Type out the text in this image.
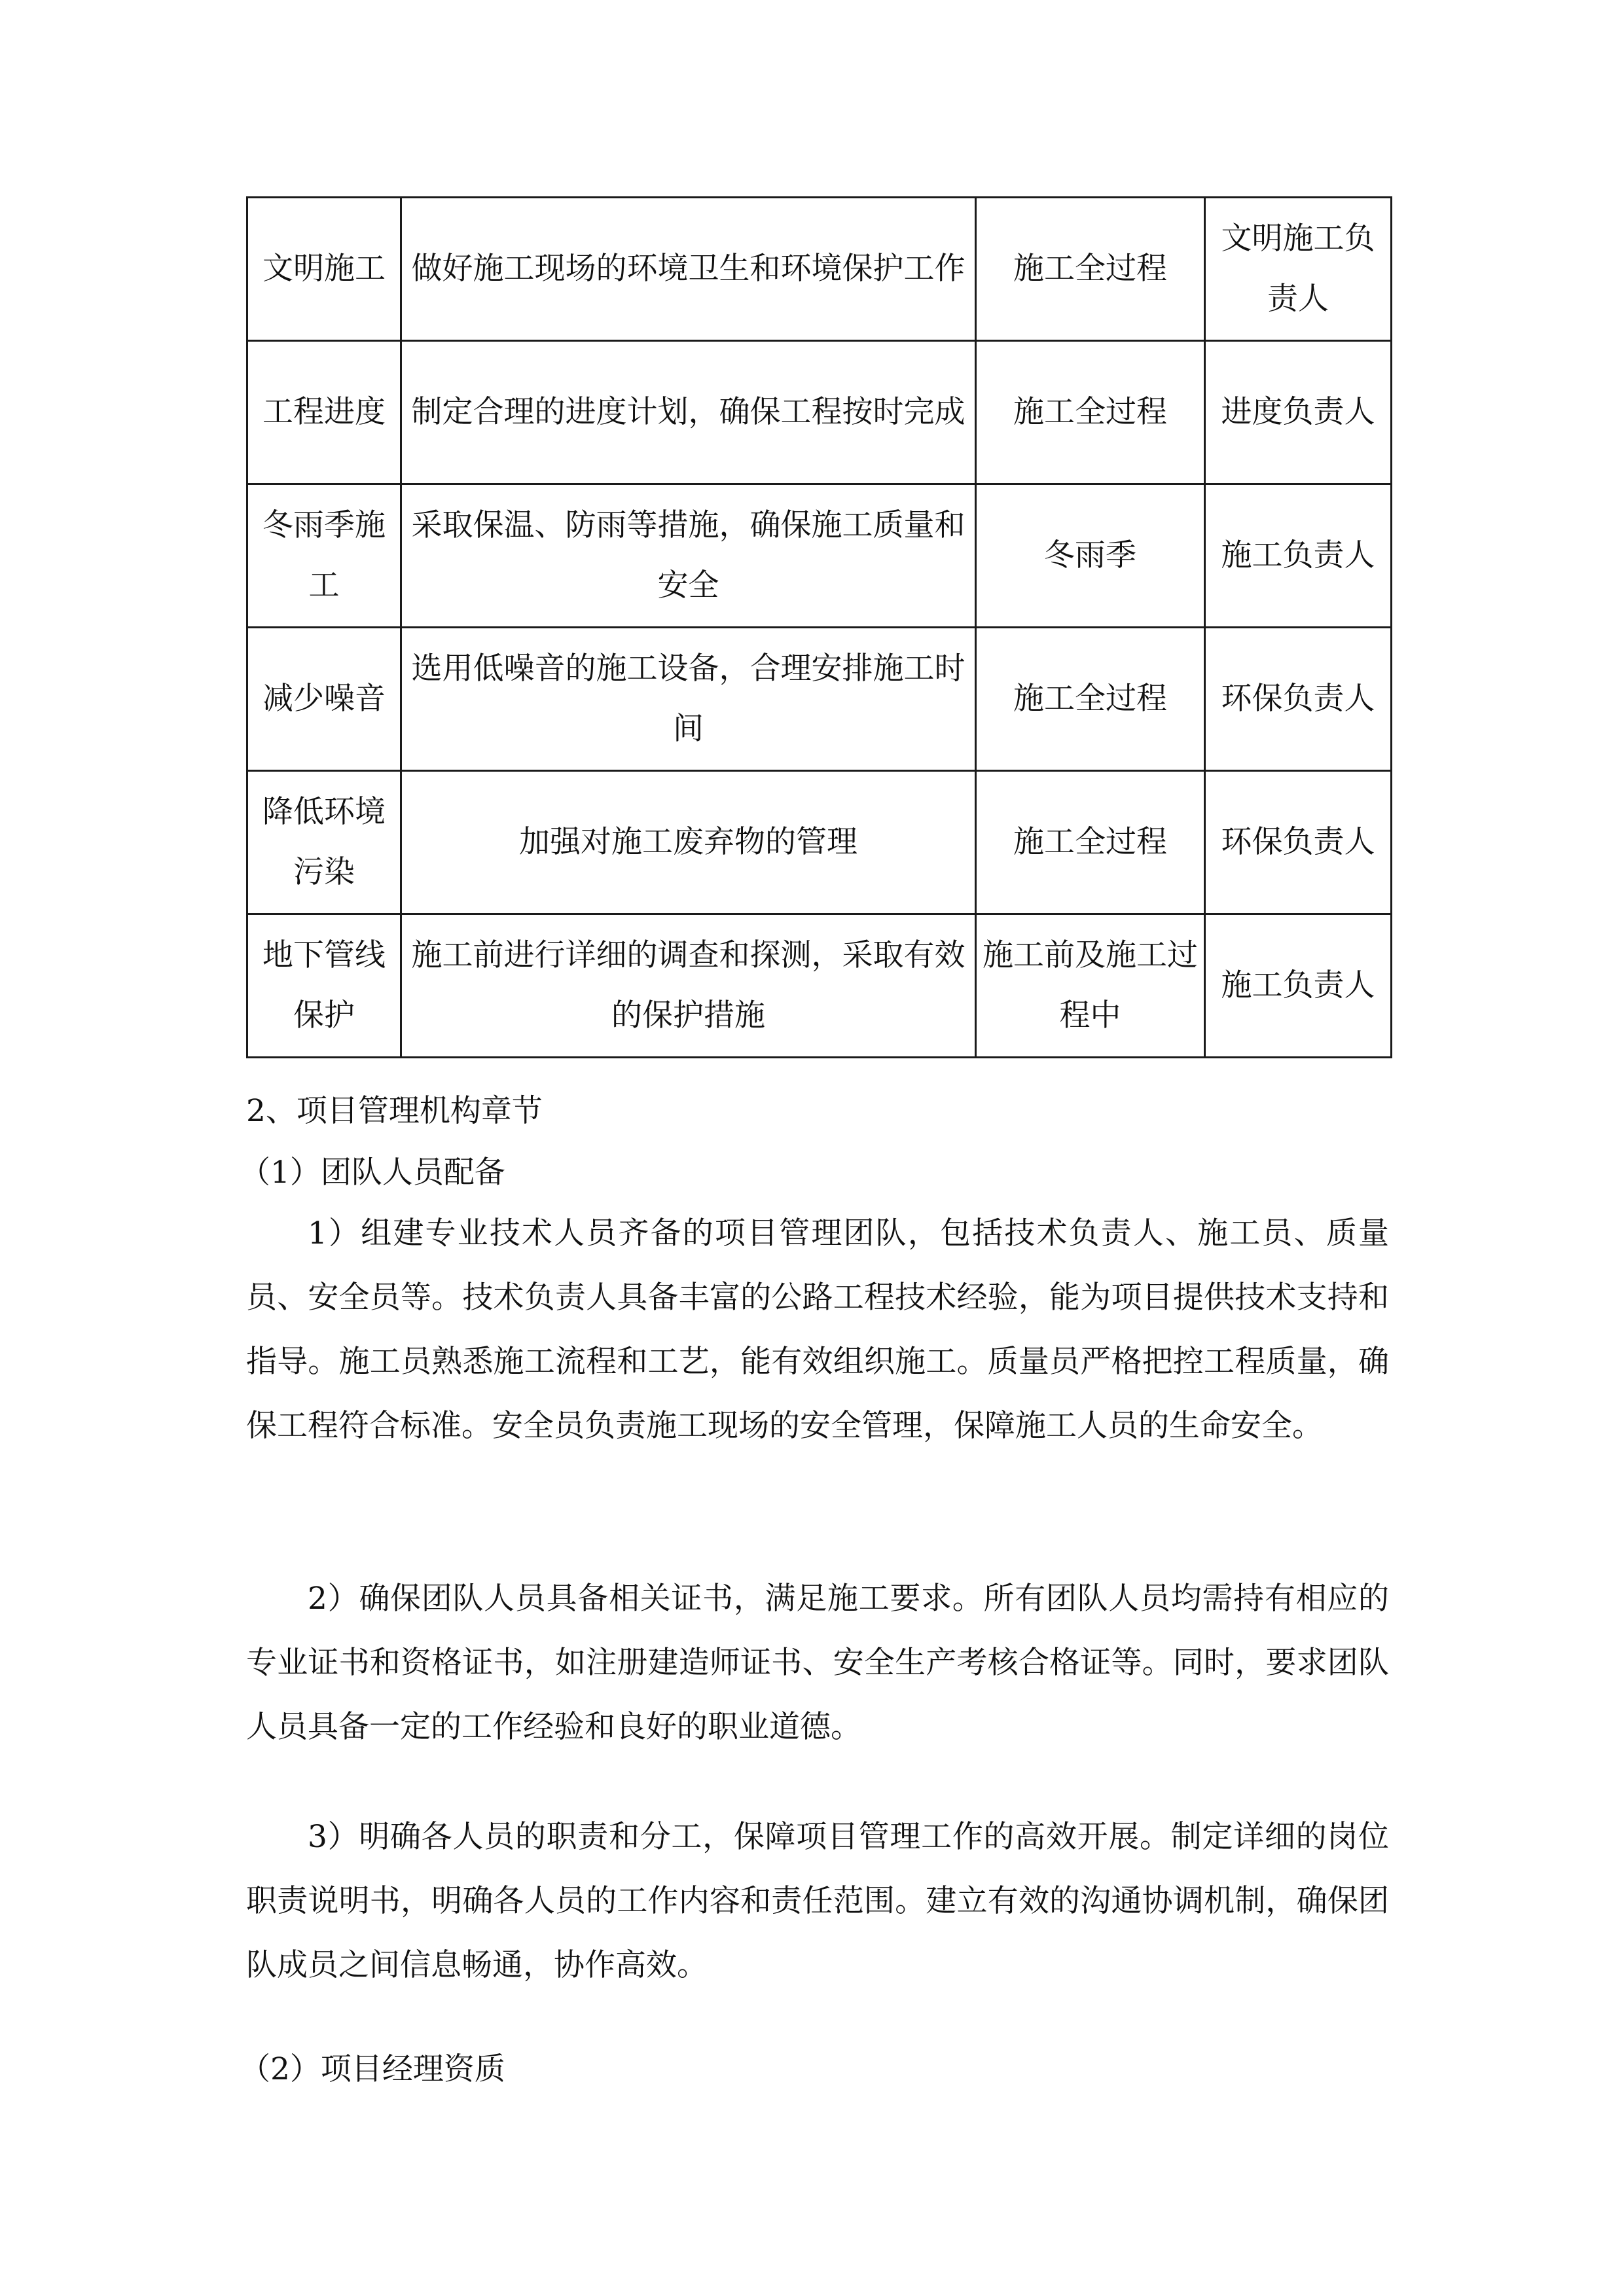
文明施工	做好施工现场的环境卫生和环境保护工作	施工全过程	文明施工负责人
工程进度	制定合理的进度计划，确保工程按时完成	施工全过程	进度负责人
冬雨季施工	采取保温、防雨等措施，确保施工质量和安全	冬雨季	施工负责人
减少噪音	选用低噪音的施工设备，合理安排施工时间	施工全过程	环保负责人
降低环境污染	加强对施工废弃物的管理	施工全过程	环保负责人
地下管线保护	施工前进行详细的调查和探测，采取有效的保护措施	施工前及施工过程中	施工负责人
2、项目管理机构章节
（1）团队人员配备
1）组建专业技术人员齐备的项目管理团队，包括技术负责人、施工员、质量员、安全员等。技术负责人具备丰富的公路工程技术经验，能为项目提供技术支持和指导。施工员熟悉施工流程和工艺，能有效组织施工。质量员严格把控工程质量，确保工程符合标准。安全员负责施工现场的安全管理，保障施工人员的生命安全。
2）确保团队人员具备相关证书，满足施工要求。所有团队人员均需持有相应的专业证书和资格证书，如注册建造师证书、安全生产考核合格证等。同时，要求团队人员具备一定的工作经验和良好的职业道德。
3）明确各人员的职责和分工，保障项目管理工作的高效开展。制定详细的岗位职责说明书，明确各人员的工作内容和责任范围。建立有效的沟通协调机制，确保团队成员之间信息畅通，协作高效。
（2）项目经理资质
